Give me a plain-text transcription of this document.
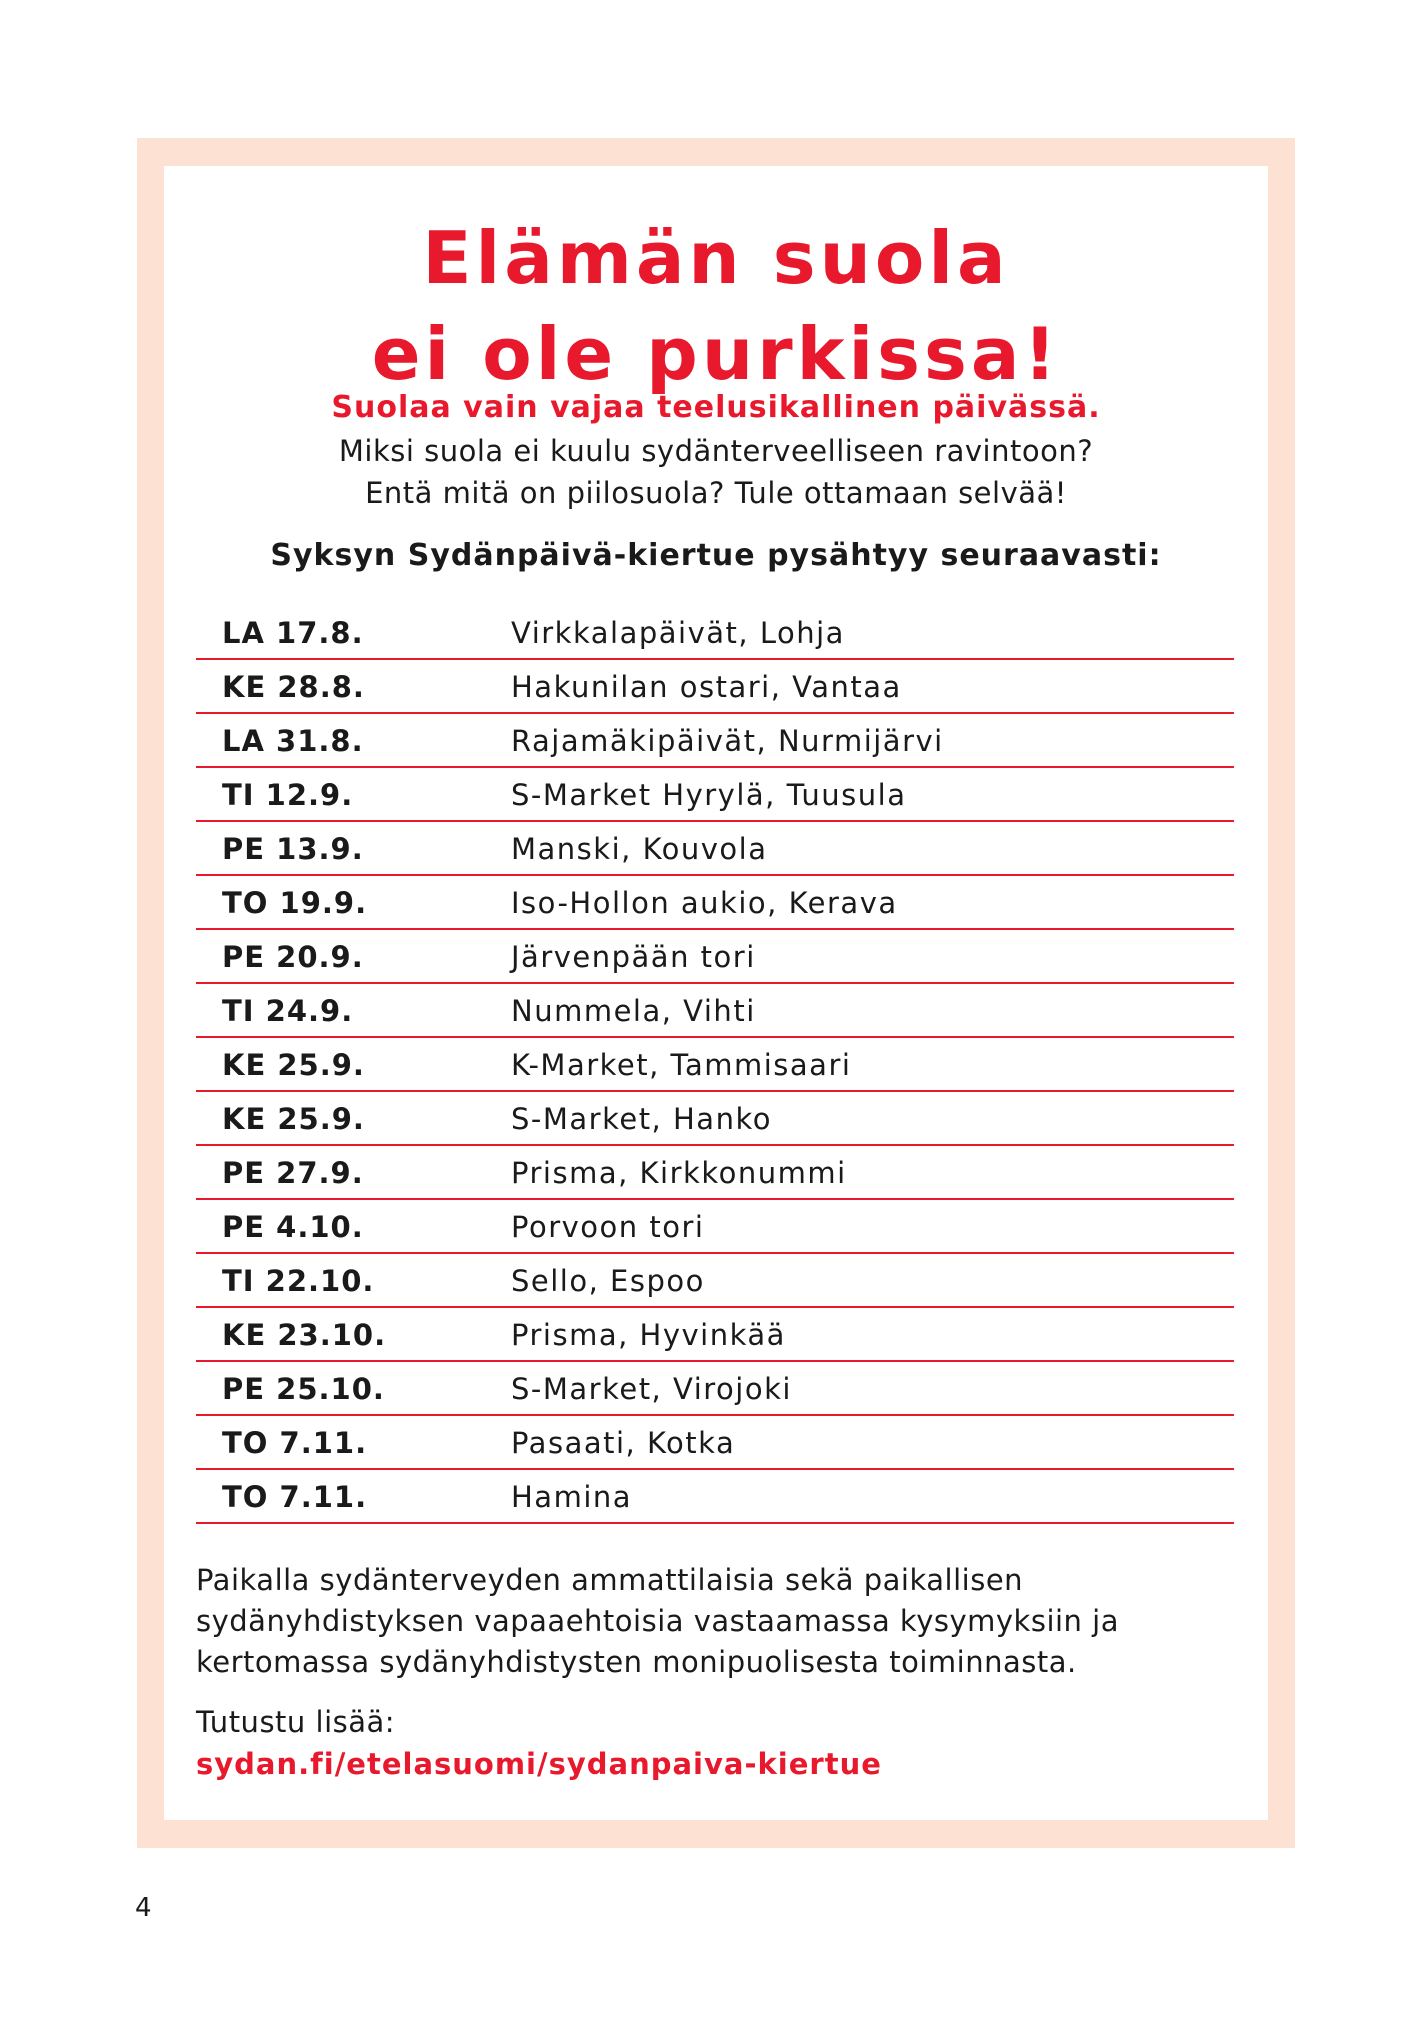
Elämän suola
ei ole purkissa!
Suolaa vain vajaa teelusikallinen päivässä.
Miksi suola ei kuulu sydänterveelliseen ravintoon?
Entä mitä on piilosuola? Tule ottamaan selvää!
Syksyn Sydänpäivä-kiertue pysähtyy seuraavasti:
LA 17.8.	Virkkalapäivät, Lohja
KE 28.8.	Hakunilan ostari, Vantaa
LA 31.8.	Rajamäkipäivät, Nurmijärvi
TI 12.9.	S-Market Hyrylä, Tuusula
PE 13.9.	Manski, Kouvola
TO 19.9.	Iso-Hollon aukio, Kerava
PE 20.9.	Järvenpään tori
TI 24.9.	Nummela, Vihti
KE 25.9.	K-Market, Tammisaari
KE 25.9.	S-Market, Hanko
PE 27.9.	Prisma, Kirkkonummi
PE 4.10.	Porvoon tori
TI 22.10.	Sello, Espoo
KE 23.10.	Prisma, Hyvinkää
PE 25.10.	S-Market, Virojoki
TO 7.11.	Pasaati, Kotka
TO 7.11.	Hamina

Paikalla sydänterveyden ammattilaisia sekä paikallisen
sydänyhdistyksen vapaaehtoisia vastaamassa kysymyksiin ja
kertomassa sydänyhdistysten monipuolisesta toiminnasta.

Tutustu lisää:
sydan.fi/etelasuomi/sydanpaiva-kiertue
4
